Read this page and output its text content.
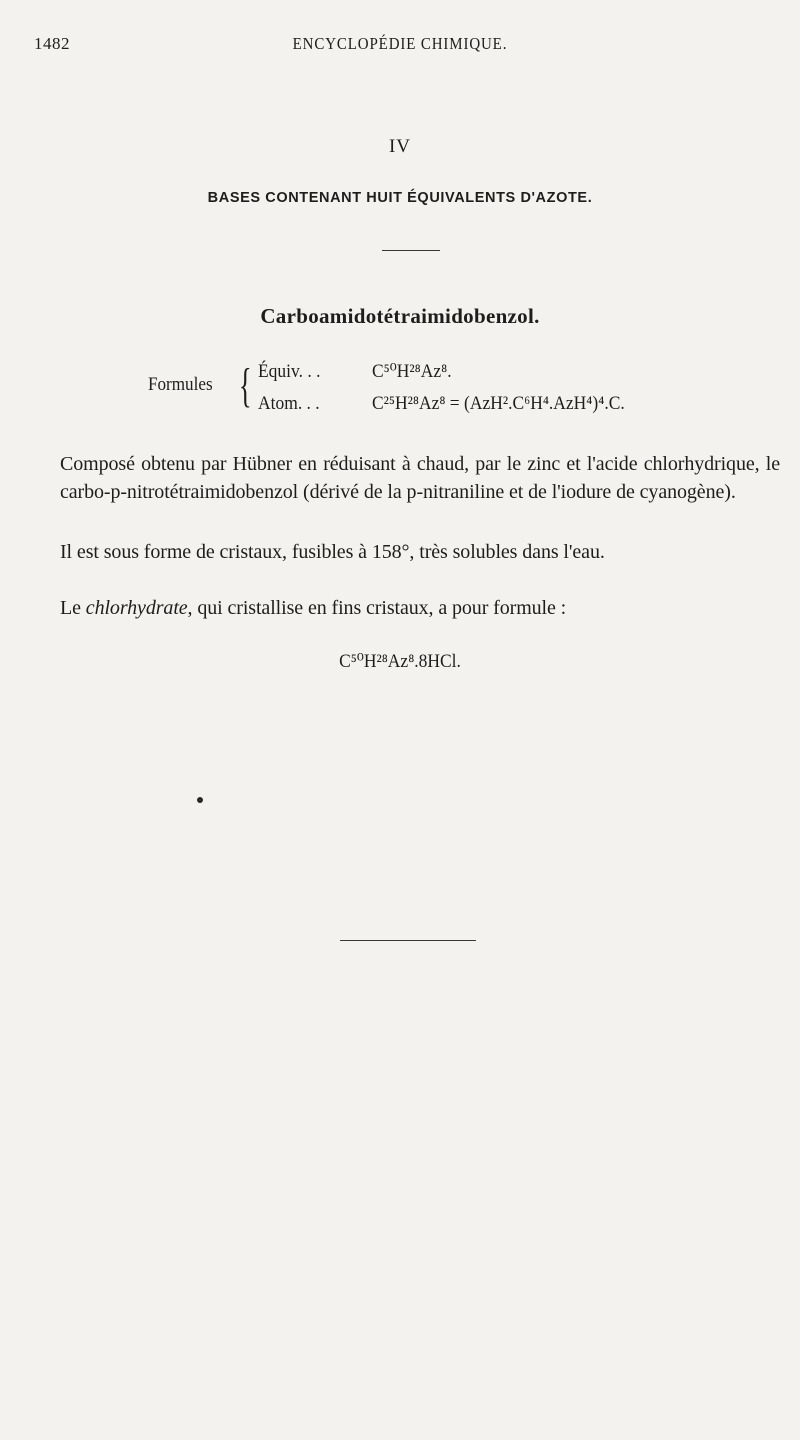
1482	ENCYCLOPÉDIE CHIMIQUE.
IV
BASES CONTENANT HUIT ÉQUIVALENTS D'AZOTE.
Carboamidotétraimidobenzol.
Formules { Équiv. . .	C⁵⁰H²⁸Az⁸.
Atom. . .	C²⁵H²⁸Az⁸ = (AzH².C⁶H⁴.AzH⁴)⁴.C.
Composé obtenu par Hübner en réduisant à chaud, par le zinc et l'acide chlorhydrique, le carbo-p-nitrotétraimidobenzol (dérivé de la p-nitraniline et de l'iodure de cyanogène).
Il est sous forme de cristaux, fusibles à 158°, très solubles dans l'eau.
Le chlorhydrate, qui cristallise en fins cristaux, a pour formule :
C⁵⁰H²⁸Az⁸.8HCl.
